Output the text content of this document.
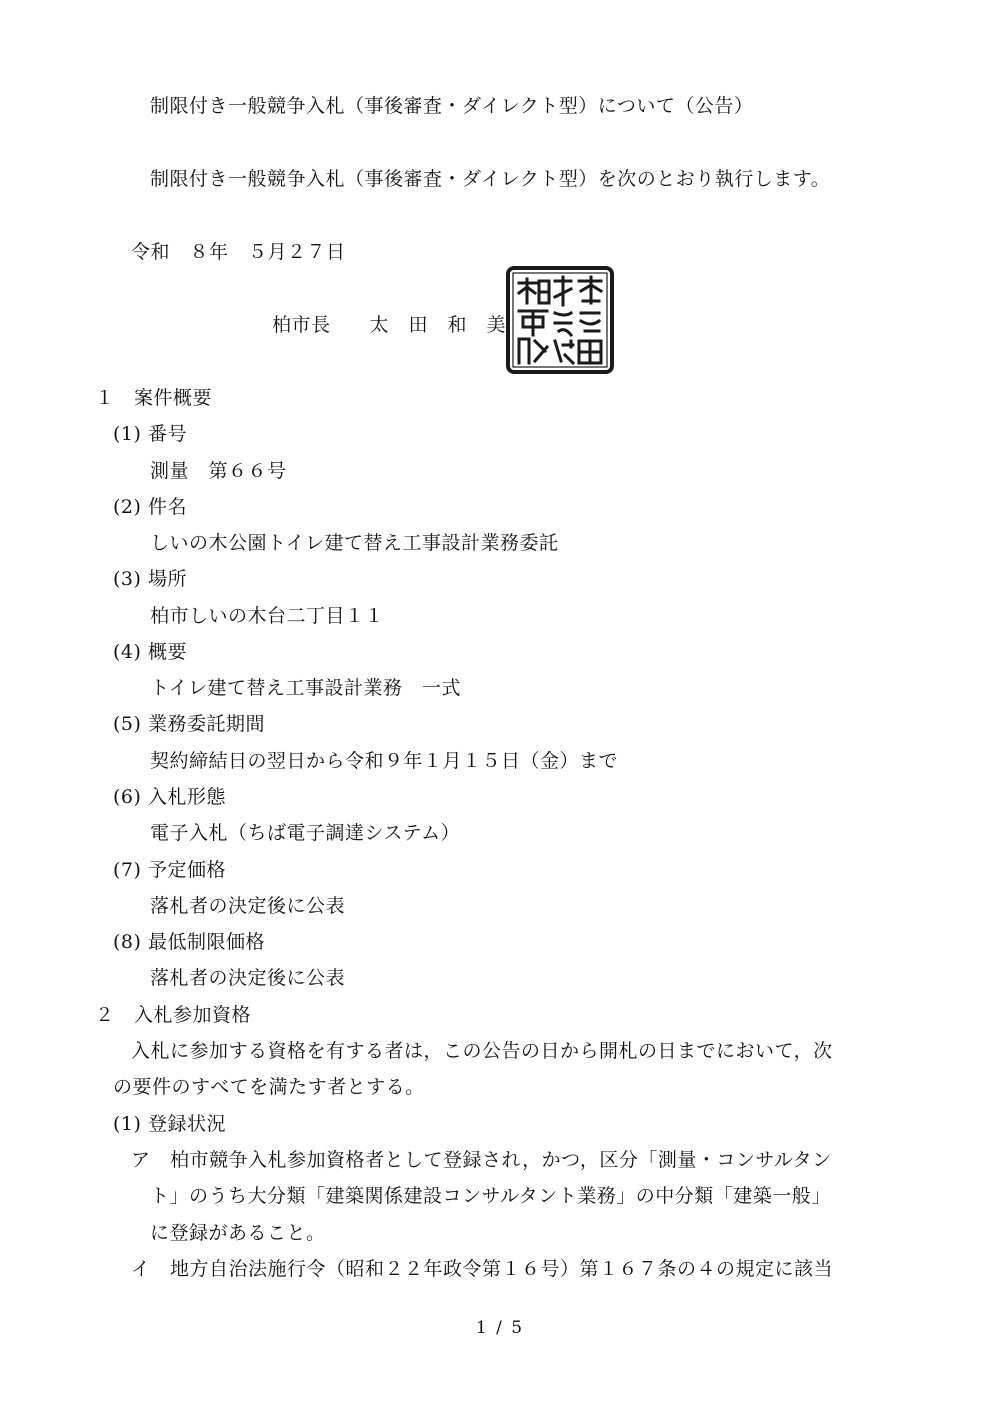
制限付き一般競争入札（事後審査・ダイレクト型）について（公告）
制限付き一般競争入札（事後審査・ダイレクト型）を次のとおり執行します。
令和　８年　５月２７日
柏市長　　太　田　和　美
１　案件概要
(1) 番号
測量　第６６号
(2) 件名
しいの木公園トイレ建て替え工事設計業務委託
(3) 場所
柏市しいの木台二丁目１１
(4) 概要
トイレ建て替え工事設計業務　一式
(5) 業務委託期間
契約締結日の翌日から令和９年１月１５日（金）まで
(6) 入札形態
電子入札（ちば電子調達システム）
(7) 予定価格
落札者の決定後に公表
(8) 最低制限価格
落札者の決定後に公表
２　入札参加資格
入札に参加する資格を有する者は，この公告の日から開札の日までにおいて，次
の要件のすべてを満たす者とする。
(1) 登録状況
ア　柏市競争入札参加資格者として登録され，かつ，区分「測量・コンサルタン
ト」のうち大分類「建築関係建設コンサルタント業務」の中分類「建築一般」
に登録があること。
イ　地方自治法施行令（昭和２２年政令第１６号）第１６７条の４の規定に該当
1 / 5
